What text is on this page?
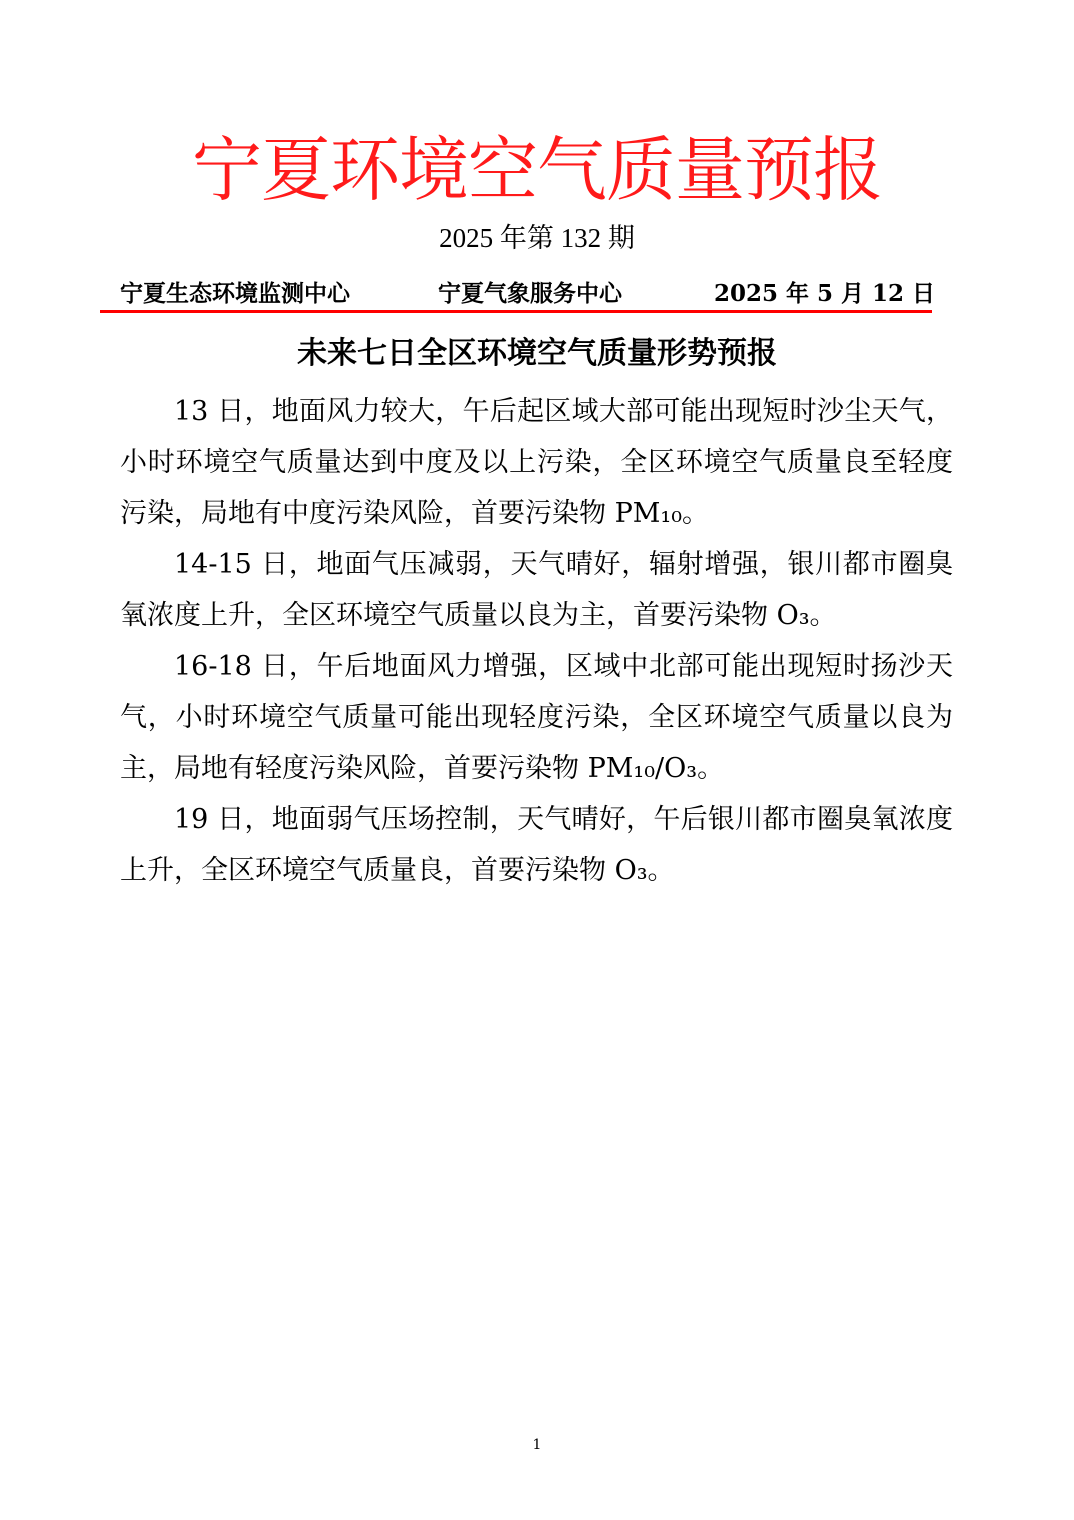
宁夏环境空气质量预报
2025 年第 132 期
宁夏生态环境监测中心	宁夏气象服务中心	2025 年 5 月 12 日
未来七日全区环境空气质量形势预报

13 日，地面风力较大，午后起区域大部可能出现短时沙尘天气，小时环境空气质量达到中度及以上污染，全区环境空气质量良至轻度污染，局地有中度污染风险，首要污染物 PM₁₀。

14-15 日，地面气压减弱，天气晴好，辐射增强，银川都市圈臭氧浓度上升，全区环境空气质量以良为主，首要污染物 O₃。

16-18 日，午后地面风力增强，区域中北部可能出现短时扬沙天气，小时环境空气质量可能出现轻度污染，全区环境空气质量以良为主，局地有轻度污染风险，首要污染物 PM₁₀/O₃。

19 日，地面弱气压场控制，天气晴好，午后银川都市圈臭氧浓度上升，全区环境空气质量良，首要污染物 O₃。

1
